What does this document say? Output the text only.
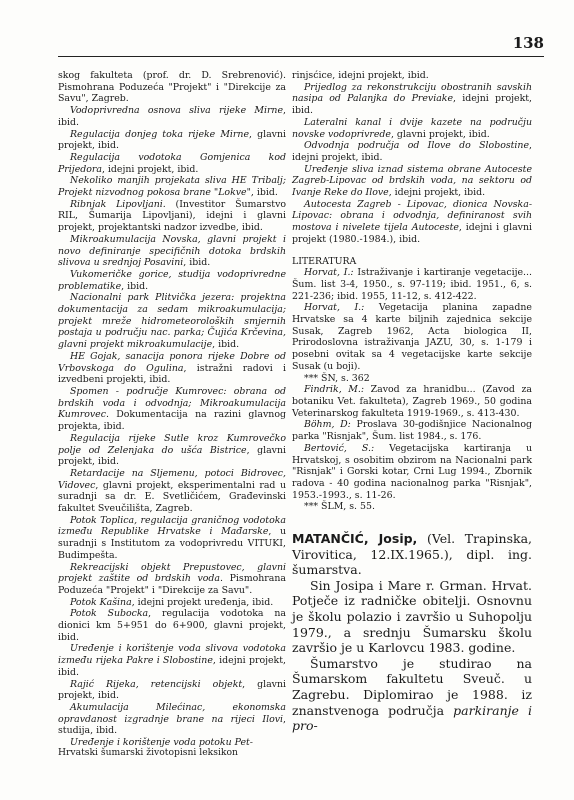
138

skog fakulteta (prof. dr. D. Srebrenović). Pismohrana Poduzeća "Projekt" i "Direkcije za Savu", Zagreb.

Vodoprivredna osnova sliva rijeke Mirne, ibid.

Regulacija donjeg toka rijeke Mirne, glavni projekt, ibid.

Regulacija vodotoka Gomjenica kod Prijedora, idejni projekt, ibid.

Nekoliko manjih projekata sliva HE Tribalj; Projekt nizvodnog pokosa brane "Lokve", ibid.

Ribnjak Lipovljani. (Investitor Šumarstvo RIL, Šumarija Lipovljani), idejni i glavni projekt, projektantski nadzor izvedbe, ibid.

Mikroakumulacija Novska, glavni projekt i novo definiranje specifičnih dotoka brdskih slivova u srednjoj Posavini, ibid.

Vukomeričke gorice, studija vodoprivredne problematike, ibid.

Nacionalni park Plitvička jezera: projektna dokumentacija za sedam mikroakumulacija; projekt mreže hidrometeoroloških smjernih postaja u području nac. parka; Čujića Krčevina, glavni projekt mikroakumulacije, ibid.

HE Gojak, sanacija ponora rijeke Dobre od Vrbovskoga do Ogulina, istražni radovi i izvedbeni projekti, ibid.

Spomen - područje Kumrovec: obrana od brdskih voda i odvodnja; Mikroakumulacija Kumrovec. Dokumentacija na razini glavnog projekta, ibid.

Regulacija rijeke Sutle kroz Kumrovečko polje od Zelenjaka do ušća Bistrice, glavni projekt, ibid.

Retardacije na Sljemenu, potoci Bidrovec, Vidovec, glavni projekt, eksperimentalni rad u suradnji sa dr. E. Svetličićem, Građevinski fakultet Sveučilišta, Zagreb.

Potok Toplica, regulacija graničnog vodotoka između Republike Hrvatske i Mađarske, u suradnji s Institutom za vodoprivredu VITUKI, Budimpešta.

Rekreacijski objekt Prepustovec, glavni projekt zaštite od brdskih voda. Pismohrana Poduzeća "Projekt" i "Direkcije za Savu".

Potok Kašina, idejni projekt uređenja, ibid.

Potok Subocka, regulacija vodotoka na dionici km 5+951 do 6+900, glavni projekt, ibid.

Uređenje i korištenje voda slivova vodotoka između rijeka Pakre i Slobostine, idejni projekt, ibid.

Rajić Rijeka, retencijski objekt, glavni projekt, ibid.

Akumulacija Milećinac, ekonomska opravdanost izgradnje brane na rijeci Ilovi, studija, ibid.

Uređenje i korištenje voda potoku Pet-

rinjsćice, idejni projekt, ibid.

Prijedlog za rekonstrukciju obostranih savskih nasipa od Palanjka do Previake, idejni projekt, ibid.

Lateralni kanal i dvije kazete na području novske vodoprivrede, glavni projekt, ibid.

Odvodnja područja od Ilove do Slobostine, idejni projekt, ibid.

Uređenje sliva iznad sistema obrane Autoceste Zagreb-Lipovac od brdskih voda, na sektoru od Ivanje Reke do Ilove, idejni projekt, ibid.

Autocesta Zagreb - Lipovac, dionica Novska-Lipovac: obrana i odvodnja, definiranost svih mostova i nivelete tijela Autoceste, idejni i glavni projekt (1980.-1984.), ibid.

LITERATURA

Horvat, I.: Istraživanje i kartiranje vegetacije... Šum. list 3-4, 1950., s. 97-119; ibid. 1951., 6, s. 221-236; ibid. 1955, 11-12, s. 412-422.

Horvat, I.: Vegetacija planina zapadne Hrvatske sa 4 karte biljnih zajednica sekcije Susak, Zagreb 1962, Acta biologica II, Prirodoslovna istraživanja JAZU, 30, s. 1-179 i posebni ovitak sa 4 vegetacijske karte sekcije Susak (u boji).

*** ŠN, s. 362

Findrik, M.: Zavod za hranidbu... (Zavod za botaniku Vet. fakulteta), Zagreb 1969., 50 godina Veterinarskog fakulteta 1919-1969., s. 413-430.

Böhm, D: Proslava 30-godišnjice Nacionalnog parka "Risnjak", Šum. list 1984., s. 176.

Bertović, S.: Vegetacijska kartiranja u Hrvatskoj, s osobitim obzirom na Nacionalni park "Risnjak" i Gorski kotar, Crni Lug 1994., Zbornik radova - 40 godina nacionalnog parka "Risnjak", 1953.-1993., s. 11-26.

*** ŠLM, s. 55.

MATANČIĆ, Josip, (Vel. Trapinska, Virovitica, 12.IX.1965.), dipl. ing. šumarstva.

Sin Josipa i Mare r. Grman. Hrvat. Potječe iz radničke obitelji. Osnovnu je školu polazio i završio u Suhopolju 1979., a srednju Šumarsku školu završio je u Karlovcu 1983. godine.

Šumarstvo je studirao na Šumarskom fakultetu Sveuč. u Zagrebu. Diplomirao je 1988. iz znanstvenoga područja parkiranje i pro-

Hrvatski šumarski životopisni leksikon
